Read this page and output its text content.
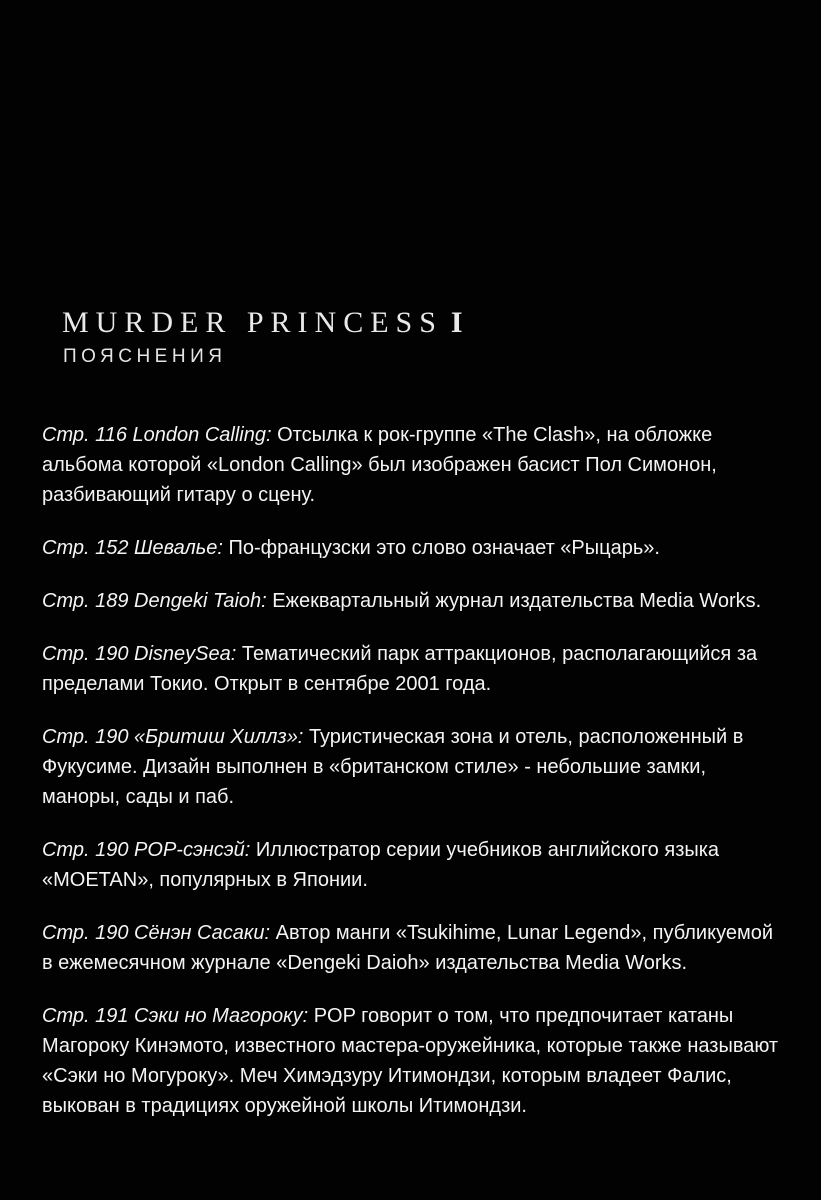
MURDER PRINCESS I
ПОЯСНЕНИЯ

Стр. 116 London Calling: Отсылка к рок-группе «The Clash», на обложке альбома которой «London Calling» был изображен басист Пол Симонон, разбивающий гитару о сцену.

Стр. 152 Шевалье: По-французски это слово означает «Рыцарь».

Стр. 189 Dengeki Taioh: Ежеквартальный журнал издательства Media Works.

Стр. 190 DisneySea: Тематический парк аттракционов, располагающийся за пределами Токио. Открыт в сентябре 2001 года.

Стр. 190 «Бритиш Хиллз»: Туристическая зона и отель, расположенный в Фукусиме. Дизайн выполнен в «британском стиле» - небольшие замки, маноры, сады и паб.

Стр. 190 POP-сэнсэй: Иллюстратор серии учебников английского языка «MOETAN», популярных в Японии.

Стр. 190 Сёнэн Сасаки: Автор манги «Tsukihime, Lunar Legend», публикуемой в ежемесячном журнале «Dengeki Daioh» издательства Media Works.

Стр. 191 Сэки но Магороку: POP говорит о том, что предпочитает катаны Магороку Кинэмото, известного мастера-оружейника, которые также называют «Сэки но Могуроку». Меч Химэдзуру Итимондзи, которым владеет Фалис, выкован в традициях оружейной школы Итимондзи.
